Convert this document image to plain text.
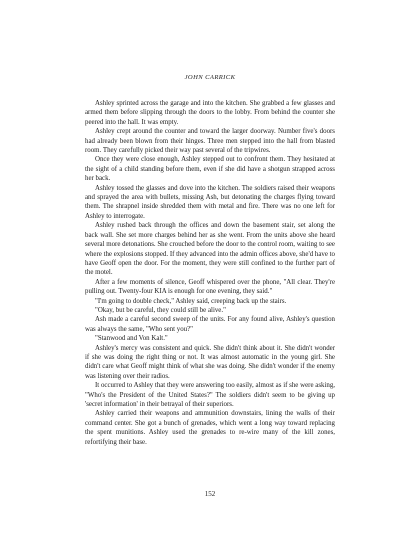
JOHN CARRICK

Ashley sprinted across the garage and into the kitchen. She grabbed a few glasses and armed them before slipping through the doors to the lobby. From behind the counter she peered into the hall. It was empty.

Ashley crept around the counter and toward the larger doorway. Number five's doors had already been blown from their hinges. Three men stepped into the hall from blasted room. They carefully picked their way past several of the tripwires.

Once they were close enough, Ashley stepped out to confront them. They hesitated at the sight of a child standing before them, even if she did have a shotgun strapped across her back.

Ashley tossed the glasses and dove into the kitchen. The soldiers raised their weapons and sprayed the area with bullets, missing Ash, but detonating the charges flying toward them. The shrapnel inside shredded them with metal and fire. There was no one left for Ashley to interrogate.

Ashley rushed back through the offices and down the basement stair, set along the back wall. She set more charges behind her as she went. From the units above she heard several more detonations. She crouched before the door to the control room, waiting to see where the explosions stopped. If they advanced into the admin offices above, she'd have to have Geoff open the door. For the moment, they were still confined to the further part of the motel.

After a few moments of silence, Geoff whispered over the phone, "All clear. They're pulling out. Twenty-four KIA is enough for one evening, they said."

"I'm going to double check," Ashley said, creeping back up the stairs.

"Okay, but be careful, they could still be alive."

Ash made a careful second sweep of the units. For any found alive, Ashley's question was always the same, "Who sent you?"

"Stanwood and Von Kalt."

Ashley's mercy was consistent and quick. She didn't think about it. She didn't wonder if she was doing the right thing or not. It was almost automatic in the young girl. She didn't care what Geoff might think of what she was doing. She didn't wonder if the enemy was listening over their radios.

It occurred to Ashley that they were answering too easily, almost as if she were asking, "Who's the President of the United States?" The soldiers didn't seem to be giving up 'secret information' in their betrayal of their superiors.

Ashley carried their weapons and ammunition downstairs, lining the walls of their command center. She got a bunch of grenades, which went a long way toward replacing the spent munitions. Ashley used the grenades to re-wire many of the kill zones, refortifying their base.

152
